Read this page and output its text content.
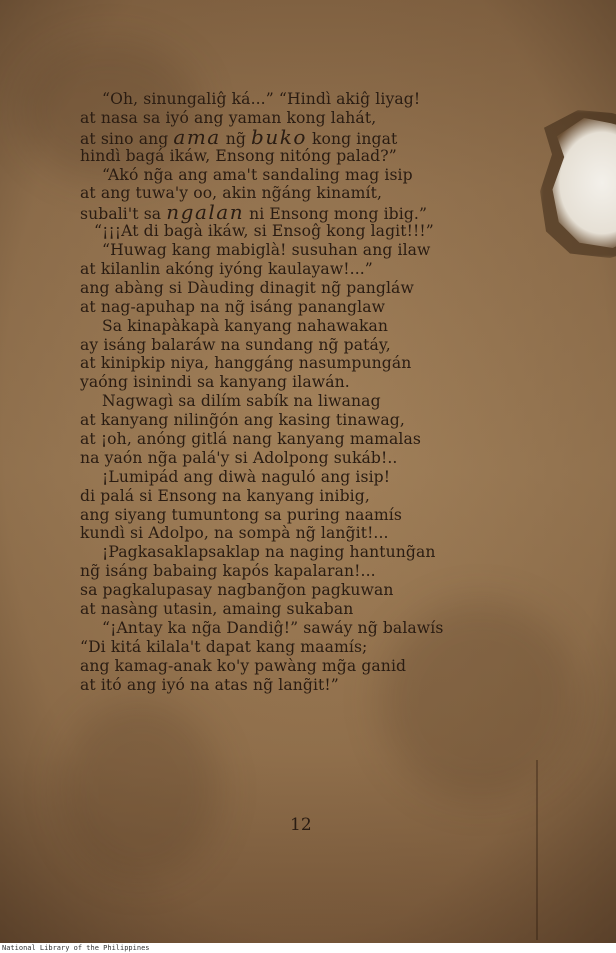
“Oh, sinungaliĝ ká...” “Hindì akiĝ liyag!
at nasa sa iyó ang yaman kong lahát,
at sino ang ama ng̃ buko kong ingat
hindì bagá ikáw, Ensong nitóng palad?”
“Akó ng̃a ang ama't sandaling mag isip
at ang tuwa'y oo, akin ng̃áng kinamít,
subali't sa ngalan ni Ensong mong ibig.”
“¡¡¡At di bagà ikáw, si Ensoĝ kong lagit!!!”
“Huwag kang mabiglà! susuhan ang ilaw
at kilanlin akóng iyóng kaulayaw!...”
ang abàng si Dàuding dinagit ng̃ pangláw
at nag-apuhap na ng̃ isáng pananglaw
Sa kinapàkapà kanyang nahawakan
ay isáng balaráw na sundang ng̃ patáy,
at kinipkip niya, hanggáng nasumpungán
yaóng isinindi sa kanyang ilawán.
Nagwagì sa dilím sabík na liwanag
at kanyang niling̃ón ang kasing tinawag,
at ¡oh, anóng gitlá nang kanyang mamalas
na yaón ng̃a palá'y si Adolpong sukáb!..
¡Lumipád ang diwà naguló ang isip!
di palá si Ensong na kanyang inibig,
ang siyang tumuntong sa puring naamís
kundì si Adolpo, na sompà ng̃ lang̃it!...
¡Pagkasaklapsaklap na naging hantung̃an
ng̃ isáng babaing kapós kapalaran!...
sa pagkalupasay nagbang̃on pagkuwan
at nasàng utasin, amaing sukaban
“¡Antay ka ng̃a Dandiĝ!” sawáy ng̃ balawís
“Di kitá kilala't dapat kang maamís;
ang kamag-anak ko'y pawàng mg̃a ganid
at itó ang iyó na atas ng̃ lang̃it!”
12
National Library of the Philippines
